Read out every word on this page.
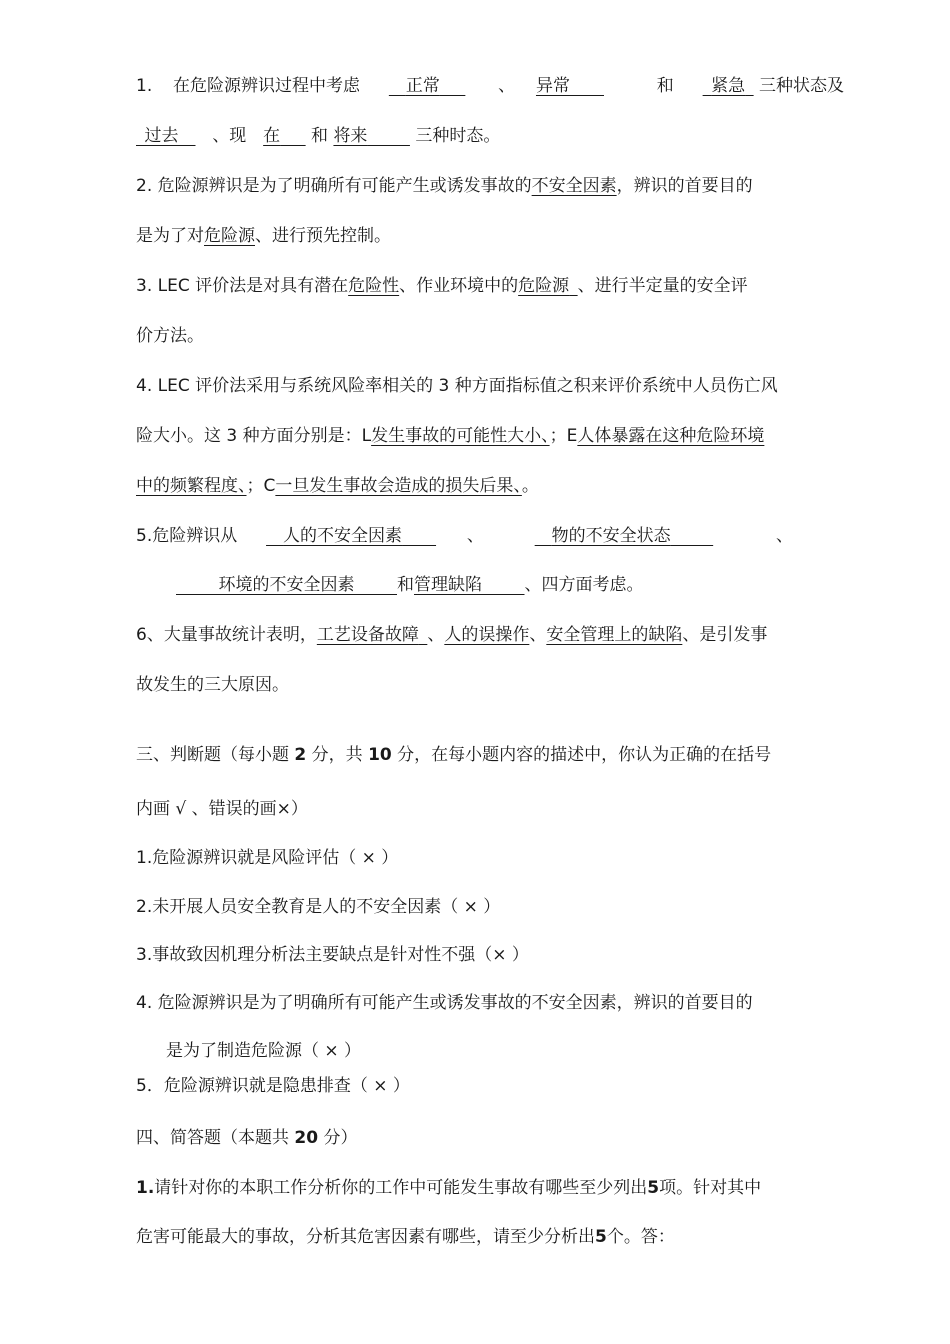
1. 在危险源辨识过程中考虑   	正常  	、 异常  	和    紧急  三种状态及
 过去  、现 在   和 将来   	三种时态。
2. 危险源辨识是为了明确所有可能产生或诱发事故的不安全因素，辨识的首要目的
是为了对危险源、进行预先控制。
3. LEC 评价法是对具有潜在危险性、作业环境中的危险源  、进行半定量的安全评
价方法。
4. LEC 评价法采用与系统风险率相关的 3 种方面指标值之积来评价系统中人员伤亡风
险大小。这 3 种方面分别是：L发生事故的可能性大小、；E人体暴露在这种危险环境
中的频繁程度、；C一旦发生事故会造成的损失后果、。
5.危险辨识从    	人的不安全因素  	、    	物的不安全状态   	、
   环境的不安全因素   	和管理缺陷   	、四方面考虑。
6、大量事故统计表明，工艺设备故障  、人的误操作、安全管理上的缺陷、是引发事
故发生的三大原因。
三、判断题（每小题 2 分，共 10 分，在每小题内容的描述中，你认为正确的在括号
内画 √ 、错误的画×）
1.危险源辨识就是风险评估（ × ）
2.未开展人员安全教育是人的不安全因素（ × ）
3.事故致因机理分析法主要缺点是针对性不强（× ）
4. 危险源辨识是为了明确所有可能产生或诱发事故的不安全因素，辨识的首要目的
是为了制造危险源（ × ）
5．危险源辨识就是隐患排查（ × ）
四、简答题（本题共 20 分）
1.请针对你的本职工作分析你的工作中可能发生事故有哪些至少列出5项。针对其中
危害可能最大的事故，分析其危害因素有哪些，请至少分析出5个。答：
